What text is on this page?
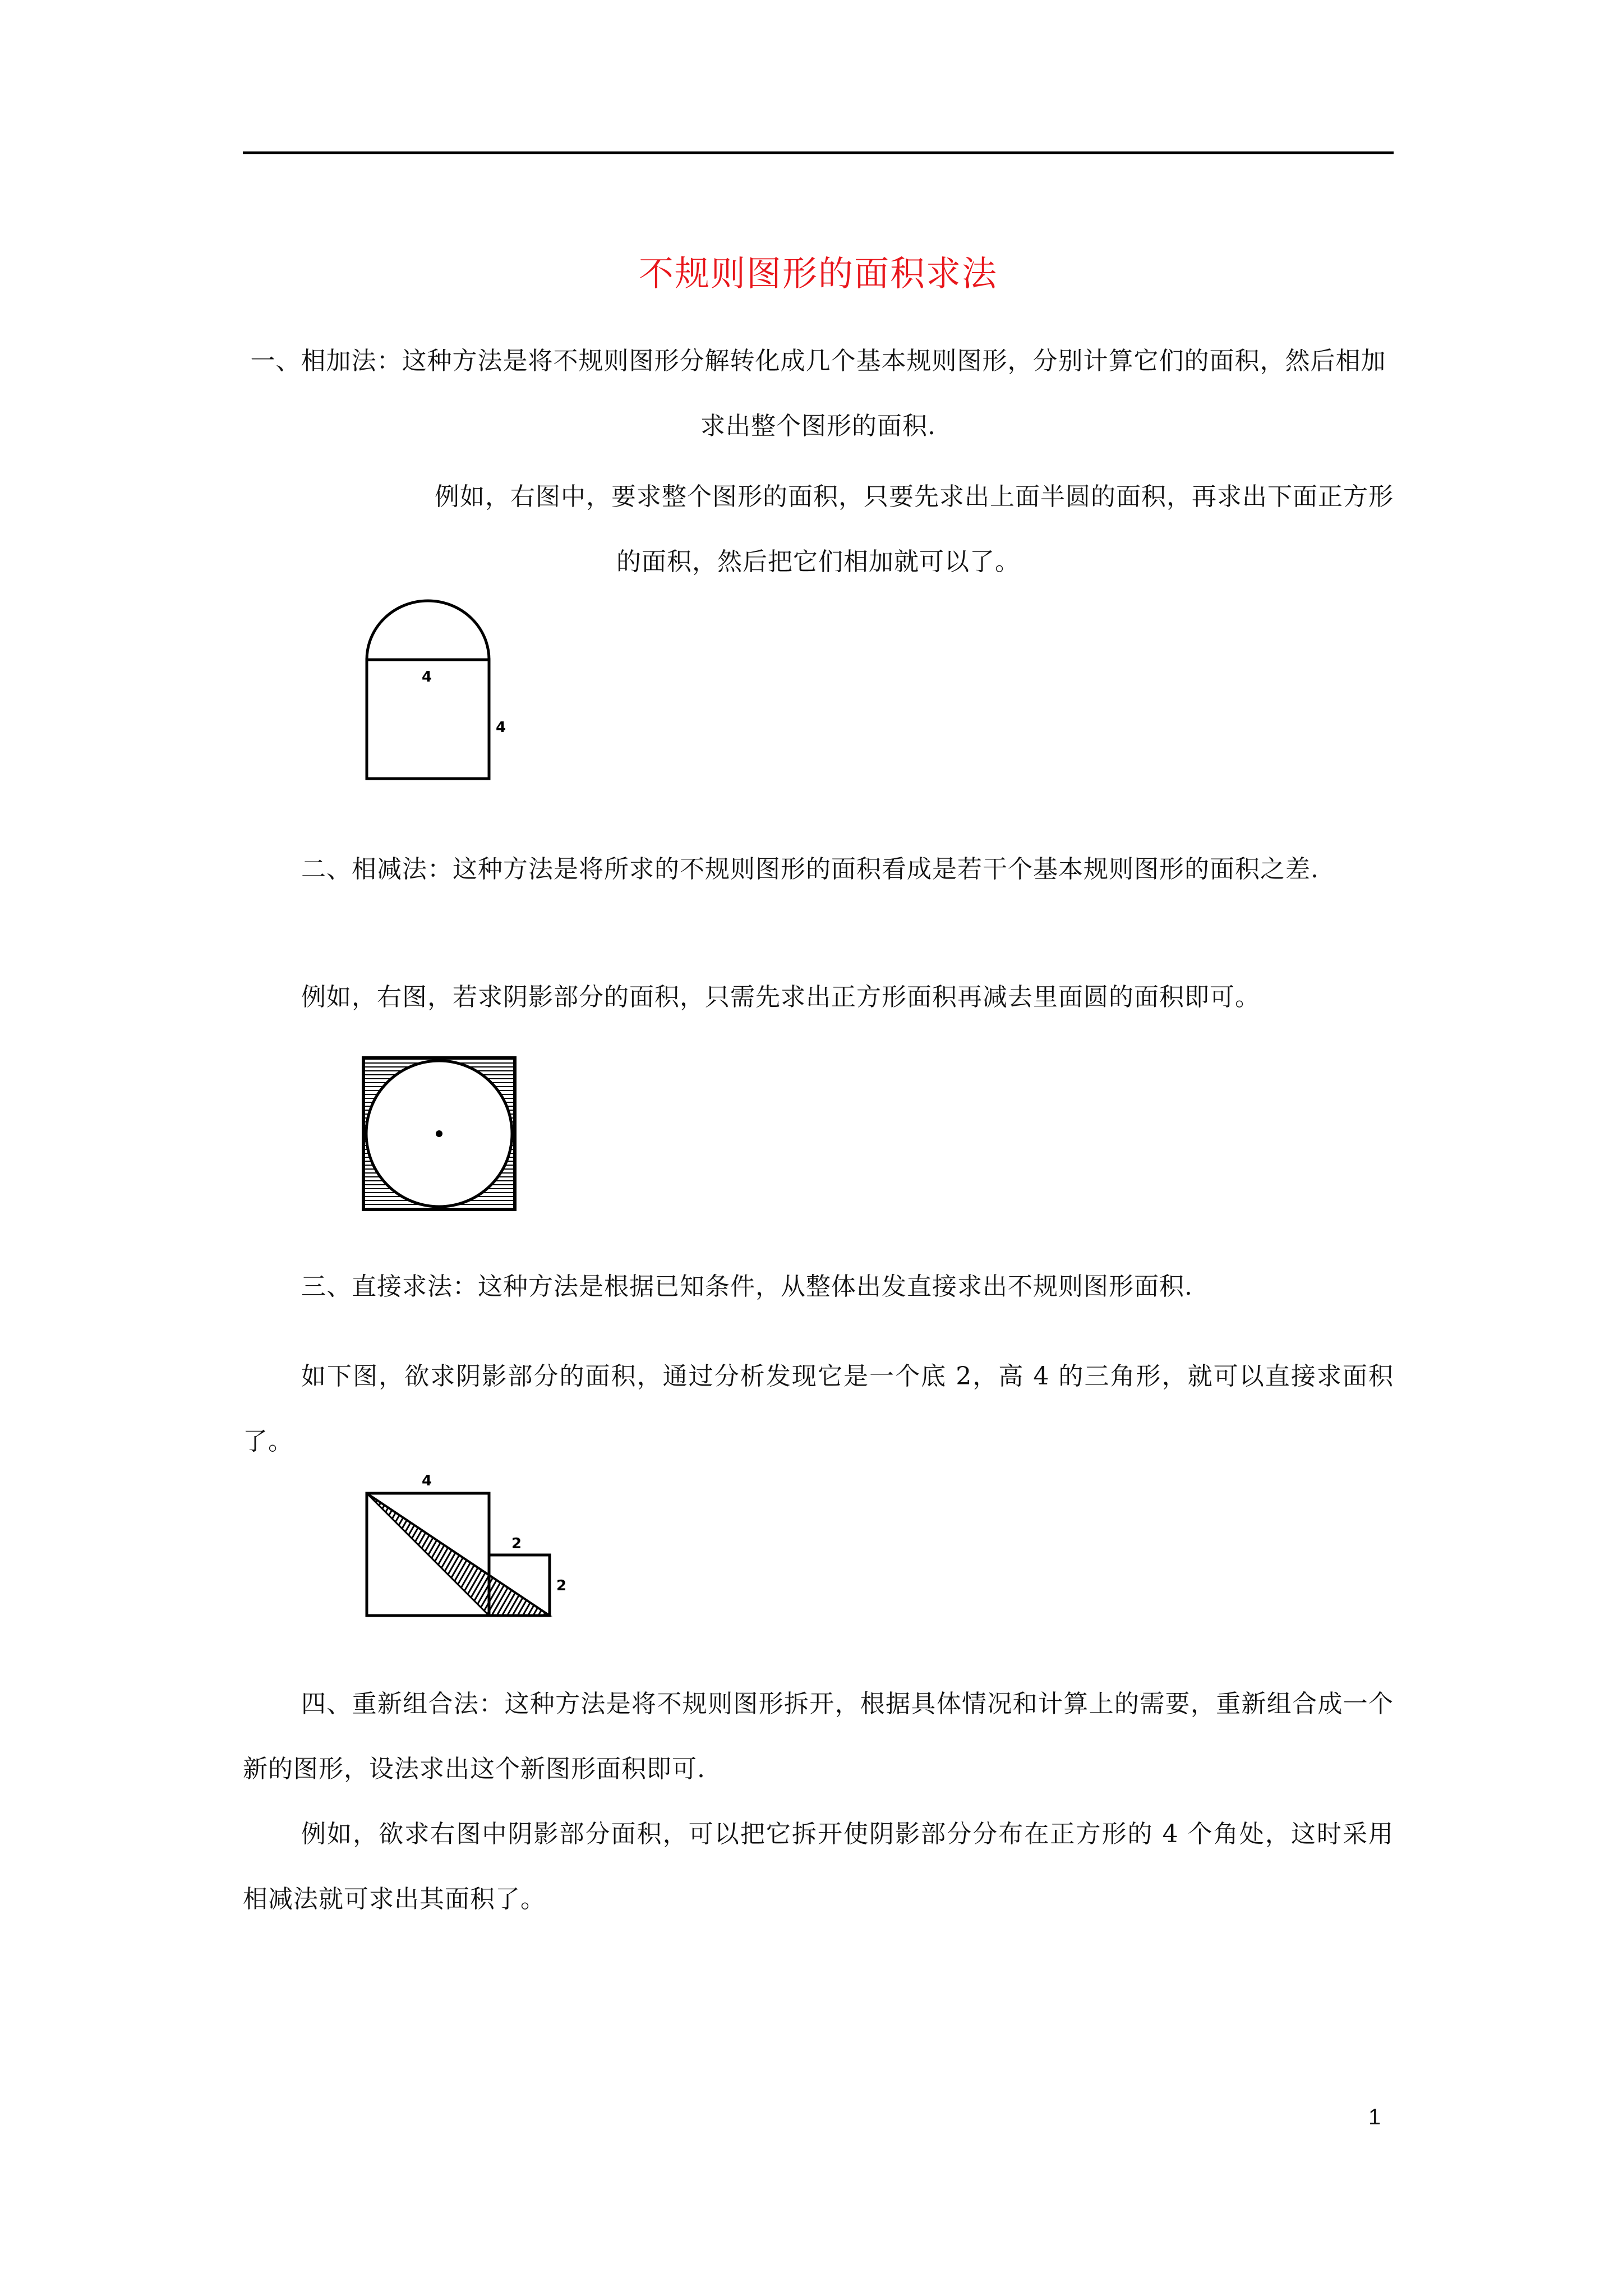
不规则图形的面积求法
一、相加法：这种方法是将不规则图形分解转化成几个基本规则图形，分别计算它们的面积，然后相加求出整个图形的面积.
例如，右图中，要求整个图形的面积，只要先求出上面半圆的面积，再求出下面正方形
的面积，然后把它们相加就可以了。
4
4
二、相减法：这种方法是将所求的不规则图形的面积看成是若干个基本规则图形的面积之差.
例如，右图，若求阴影部分的面积，只需先求出正方形面积再减去里面圆的面积即可。
三、直接求法：这种方法是根据已知条件，从整体出发直接求出不规则图形面积.
如下图，欲求阴影部分的面积，通过分析发现它是一个底 2，高 4 的三角形，就可以直接求面积了。
4
2
2
四、重新组合法：这种方法是将不规则图形拆开，根据具体情况和计算上的需要，重新组合成一个新的图形，设法求出这个新图形面积即可.
例如，欲求右图中阴影部分面积，可以把它拆开使阴影部分分布在正方形的 4 个角处，这时采用相减法就可求出其面积了。
1
